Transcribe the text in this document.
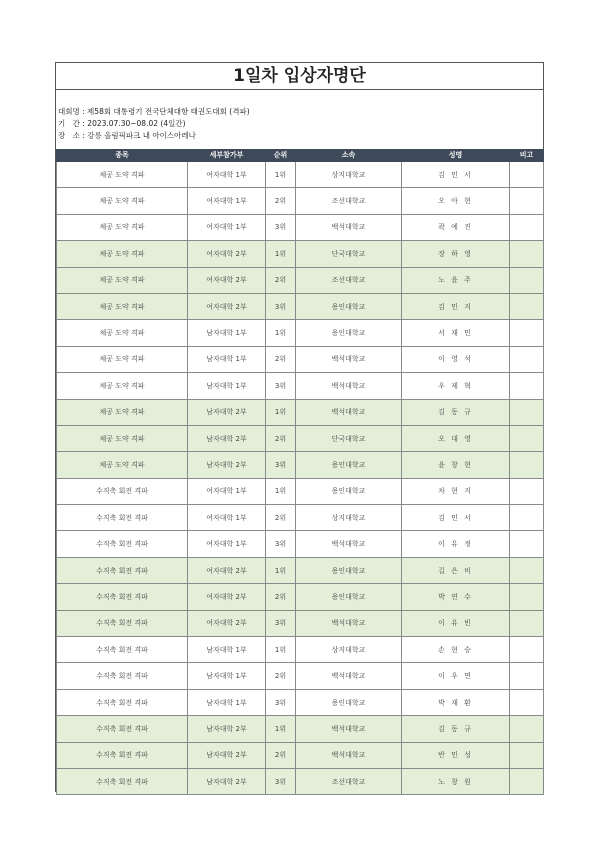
1일차 입상자명단
대회명 : 제58회 대통령기 전국단체대항 태권도대회 (격파)
기　간 : 2023.07.30~08.02 (4일간)
장　소 : 강릉 올림픽파크 내 아이스아레나
종목	세부참가부	순위	소속	성명	비고
체공 도약 격파	여자대학 1부	1위	상지대학교	김 민 서	
체공 도약 격파	여자대학 1부	2위	조선대학교	오 아 현	
체공 도약 격파	여자대학 1부	3위	백석대학교	곽 예 진	
체공 도약 격파	여자대학 2부	1위	단국대학교	장 하 영	
체공 도약 격파	여자대학 2부	2위	조선대학교	노 윤 주	
체공 도약 격파	여자대학 2부	3위	용인대학교	김 민 지	
체공 도약 격파	남자대학 1부	1위	용인대학교	서 재 민	
체공 도약 격파	남자대학 1부	2위	백석대학교	이 영 석	
체공 도약 격파	남자대학 1부	3위	백석대학교	우 제 혁	
체공 도약 격파	남자대학 2부	1위	백석대학교	김 동 규	
체공 도약 격파	남자대학 2부	2위	단국대학교	오 대 영	
체공 도약 격파	남자대학 2부	3위	용인대학교	윤 창 현	
수직축 회전 격파	여자대학 1부	1위	용인대학교	차 현 지	
수직축 회전 격파	여자대학 1부	2위	상지대학교	김 민 서	
수직축 회전 격파	여자대학 1부	3위	백석대학교	이 유 정	
수직축 회전 격파	여자대학 2부	1위	용인대학교	길 은 비	
수직축 회전 격파	여자대학 2부	2위	용인대학교	박 연 수	
수직축 회전 격파	여자대학 2부	3위	백석대학교	이 유 빈	
수직축 회전 격파	남자대학 1부	1위	상지대학교	손 현 승	
수직축 회전 격파	남자대학 1부	2위	백석대학교	이 우 면	
수직축 회전 격파	남자대학 1부	3위	용인대학교	박 재 환	
수직축 회전 격파	남자대학 2부	1위	백석대학교	김 동 규	
수직축 회전 격파	남자대학 2부	2위	백석대학교	반 민 성	
수직축 회전 격파	남자대학 2부	3위	조선대학교	노 창 원	
